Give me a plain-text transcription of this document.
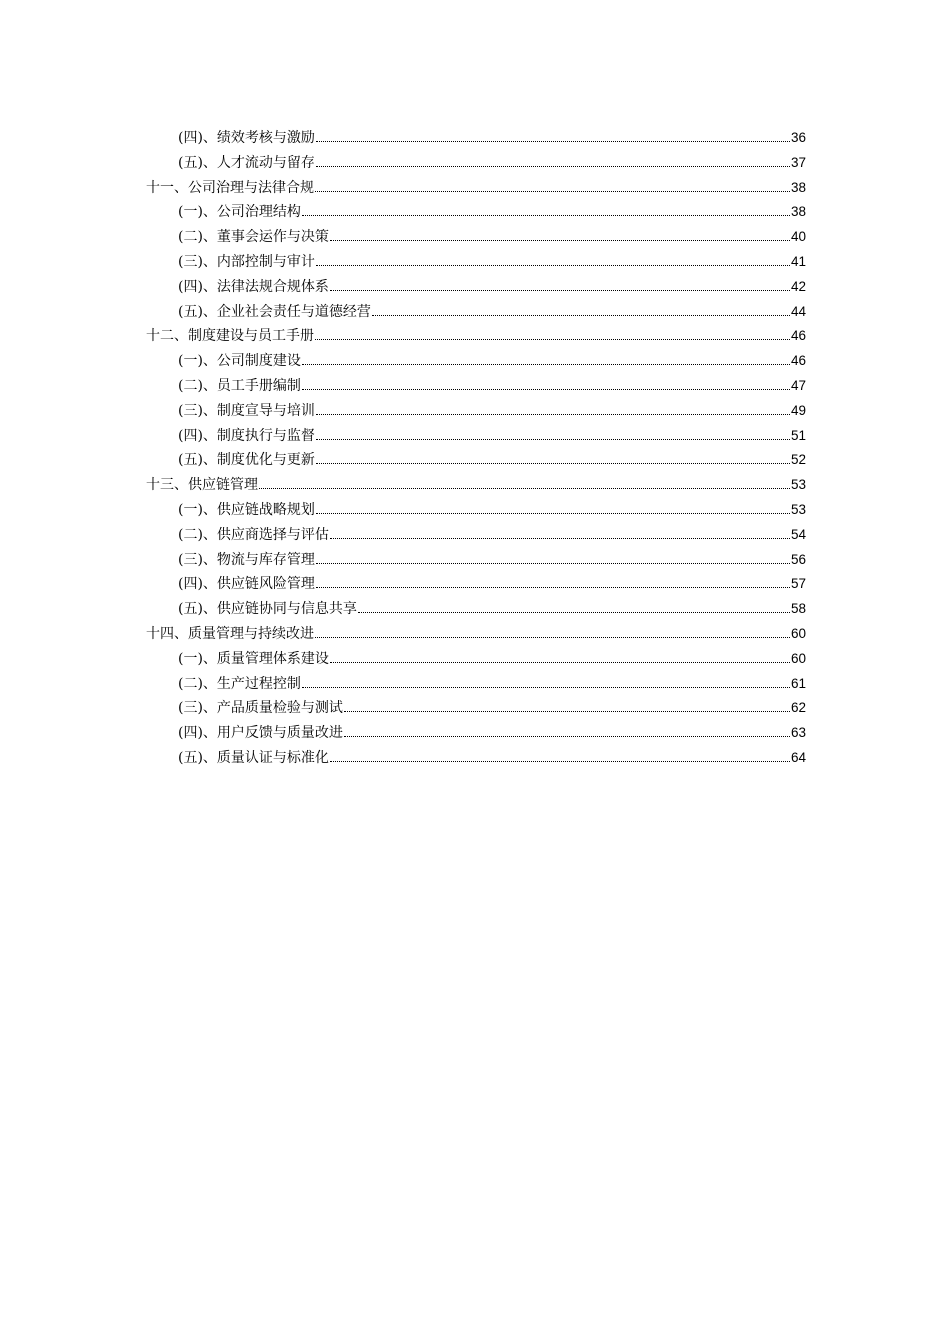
(四)、绩效考核与激励	36
(五)、人才流动与留存	37
十一、公司治理与法律合规	38
(一)、公司治理结构	38
(二)、董事会运作与决策	40
(三)、内部控制与审计	41
(四)、法律法规合规体系	42
(五)、企业社会责任与道德经营	44
十二、制度建设与员工手册	46
(一)、公司制度建设	46
(二)、员工手册编制	47
(三)、制度宣导与培训	49
(四)、制度执行与监督	51
(五)、制度优化与更新	52
十三、供应链管理	53
(一)、供应链战略规划	53
(二)、供应商选择与评估	54
(三)、物流与库存管理	56
(四)、供应链风险管理	57
(五)、供应链协同与信息共享	58
十四、质量管理与持续改进	60
(一)、质量管理体系建设	60
(二)、生产过程控制	61
(三)、产品质量检验与测试	62
(四)、用户反馈与质量改进	63
(五)、质量认证与标准化	64
